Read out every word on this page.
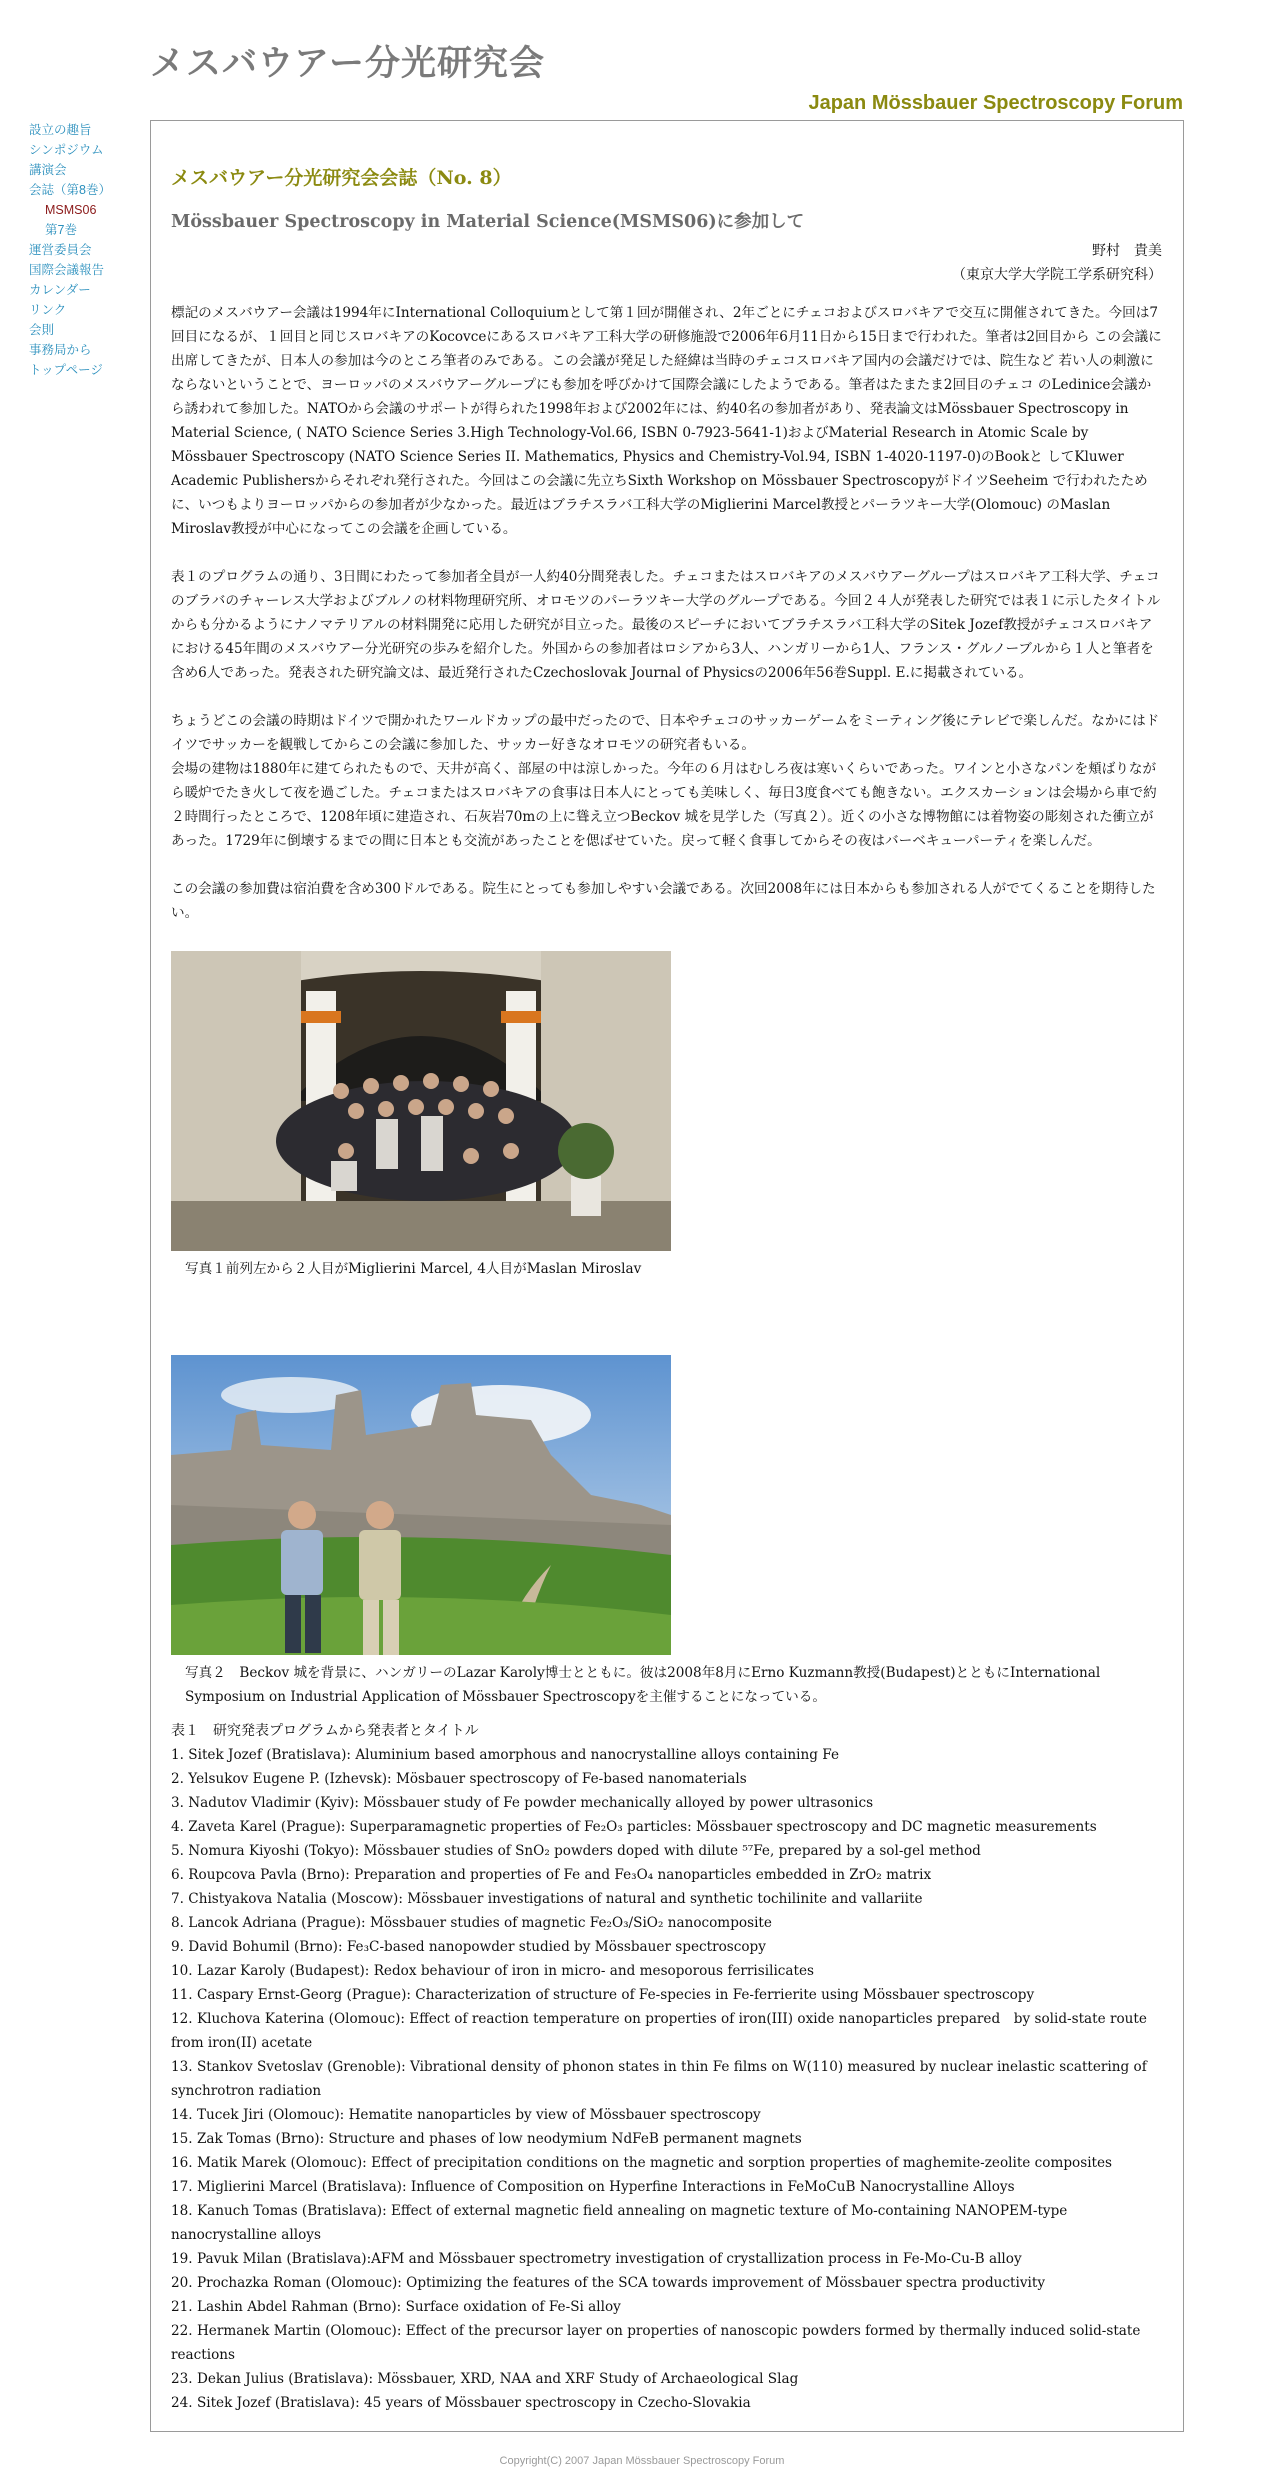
メスバウアー分光研究会
Japan Mössbauer Spectroscopy Forum
設立の趣旨
シンポジウム
講演会
会誌（第8巻）
MSMS06
第7巻
運営委員会
国際会議報告
カレンダー
リンク
会則
事務局から
トップページ
メスバウアー分光研究会会誌（No. 8）
Mössbauer Spectroscopy in Material Science(MSMS06)に参加して
野村　貴美
（東京大学大学院工学系研究科）

標記のメスバウアー会議は1994年にInternational Colloquiumとして第１回が開催され、2年ごとにチェコおよびスロバキアで交互に開催されてきた。今回は7回目になるが、１回目と同じスロバキアのKocovceにあるスロバキア工科大学の研修施設で2006年6月11日から15日まで行われた。筆者は2回目から この会議に出席してきたが、日本人の参加は今のところ筆者のみである。この会議が発足した経緯は当時のチェコスロバキア国内の会議だけでは、院生など 若い人の刺激にならないということで、ヨーロッパのメスバウアーグループにも参加を呼びかけて国際会議にしたようである。筆者はたまたま2回目のチェコ のLedinice会議から誘われて参加した。NATOから会議のサポートが得られた1998年および2002年には、約40名の参加者があり、発表論文はMössbauer Spectroscopy in Material Science, ( NATO Science Series 3.High Technology-Vol.66, ISBN 0-7923-5641-1)およびMaterial Research in Atomic Scale by Mössbauer Spectroscopy (NATO Science Series II. Mathematics, Physics and Chemistry-Vol.94, ISBN 1-4020-1197-0)のBookと してKluwer Academic Publishersからそれぞれ発行された。今回はこの会議に先立ちSixth Workshop on Mössbauer SpectroscopyがドイツSeeheim で行われたために、いつもよりヨーロッパからの参加者が少なかった。最近はブラチスラバ工科大学のMiglierini Marcel教授とパーラツキー大学(Olomouc) のMaslan Miroslav教授が中心になってこの会議を企画している。

表１のプログラムの通り、3日間にわたって参加者全員が一人約40分間発表した。チェコまたはスロバキアのメスバウアーグループはスロバキア工科大学、チェコのブラバのチャーレス大学およびブルノの材料物理研究所、オロモツのパーラツキー大学のグループである。今回２４人が発表した研究では表１に示したタイトルからも分かるようにナノマテリアルの材料開発に応用した研究が目立った。最後のスピーチにおいてブラチスラバ工科大学のSitek Jozef教授がチェコスロバキアにおける45年間のメスバウアー分光研究の歩みを紹介した。外国からの参加者はロシアから3人、ハンガリーから1人、フランス・グルノーブルから１人と筆者を含め6人であった。発表された研究論文は、最近発行されたCzechoslovak Journal of Physicsの2006年56巻Suppl. E.に掲載されている。

ちょうどこの会議の時期はドイツで開かれたワールドカップの最中だったので、日本やチェコのサッカーゲームをミーティング後にテレビで楽しんだ。なかにはドイツでサッカーを観戦してからこの会議に参加した、サッカー好きなオロモツの研究者もいる。

会場の建物は1880年に建てられたもので、天井が高く、部屋の中は涼しかった。今年の６月はむしろ夜は寒いくらいであった。ワインと小さなパンを頬ばりながら暖炉でたき火して夜を過ごした。チェコまたはスロバキアの食事は日本人にとっても美味しく、毎日3度食べても飽きない。エクスカーションは会場から車で約２時間行ったところで、1208年頃に建造され、石灰岩70mの上に聳え立つBeckov 城を見学した（写真２）。近くの小さな博物館には着物姿の彫刻された衝立があった。1729年に倒壊するまでの間に日本とも交流があったことを偲ばせていた。戻って軽く食事してからその夜はバーベキューパーティを楽しんだ。

この会議の参加費は宿泊費を含め300ドルである。院生にとっても参加しやすい会議である。次回2008年には日本からも参加される人がでてくることを期待したい。

写真１前列左から２人目がMiglierini Marcel, 4人目がMaslan Miroslav
写真２　Beckov 城を背景に、ハンガリーのLazar Karoly博士とともに。彼は2008年8月にErno Kuzmann教授(Budapest)とともにInternational Symposium on Industrial Application of Mössbauer Spectroscopyを主催することになっている。
表１　研究発表プログラムから発表者とタイトル
1. Sitek Jozef (Bratislava): Aluminium based amorphous and nanocrystalline alloys containing Fe
2. Yelsukov Eugene P. (Izhevsk): Mösbauer spectroscopy of Fe-based nanomaterials
3. Nadutov Vladimir (Kyiv): Mössbauer study of Fe powder mechanically alloyed by power ultrasonics
4. Zaveta Karel (Prague): Superparamagnetic properties of Fe₂O₃ particles: Mössbauer spectroscopy and DC magnetic measurements
5. Nomura Kiyoshi (Tokyo): Mössbauer studies of SnO₂ powders doped with dilute ⁵⁷Fe, prepared by a sol-gel method
6. Roupcova Pavla (Brno): Preparation and properties of Fe and Fe₃O₄ nanoparticles embedded in ZrO₂ matrix
7. Chistyakova Natalia (Moscow): Mössbauer investigations of natural and synthetic tochilinite and vallariite
8. Lancok Adriana (Prague): Mössbauer studies of magnetic Fe₂O₃/SiO₂ nanocomposite
9. David Bohumil (Brno): Fe₃C-based nanopowder studied by Mössbauer spectroscopy
10. Lazar Karoly (Budapest): Redox behaviour of iron in micro- and mesoporous ferrisilicates
11. Caspary Ernst-Georg (Prague): Characterization of structure of Fe-species in Fe-ferrierite using Mössbauer spectroscopy
12. Kluchova Katerina (Olomouc): Effect of reaction temperature on properties of iron(III) oxide nanoparticles prepared　by solid-state route from iron(II) acetate
13. Stankov Svetoslav (Grenoble): Vibrational density of phonon states in thin Fe films on W(110) measured by nuclear inelastic scattering of synchrotron radiation
14. Tucek Jiri (Olomouc): Hematite nanoparticles by view of Mössbauer spectroscopy
15. Zak Tomas (Brno): Structure and phases of low neodymium NdFeB permanent magnets
16. Matik Marek (Olomouc): Effect of precipitation conditions on the magnetic and sorption properties of maghemite-zeolite composites
17. Miglierini Marcel (Bratislava): Influence of Composition on Hyperfine Interactions in FeMoCuB Nanocrystalline Alloys
18. Kanuch Tomas (Bratislava): Effect of external magnetic field annealing on magnetic texture of Mo-containing NANOPEM-type nanocrystalline alloys
19. Pavuk Milan (Bratislava):AFM and Mössbauer spectrometry investigation of crystallization process in Fe-Mo-Cu-B alloy
20. Prochazka Roman (Olomouc): Optimizing the features of the SCA towards improvement of Mössbauer spectra productivity
21. Lashin Abdel Rahman (Brno): Surface oxidation of Fe-Si alloy
22. Hermanek Martin (Olomouc): Effect of the precursor layer on properties of nanoscopic powders formed by thermally induced solid-state reactions
23. Dekan Julius (Bratislava): Mössbauer, XRD, NAA and XRF Study of Archaeological Slag
24. Sitek Jozef (Bratislava): 45 years of Mössbauer spectroscopy in Czecho-Slovakia
Copyright(C) 2007 Japan Mössbauer Spectroscopy Forum
